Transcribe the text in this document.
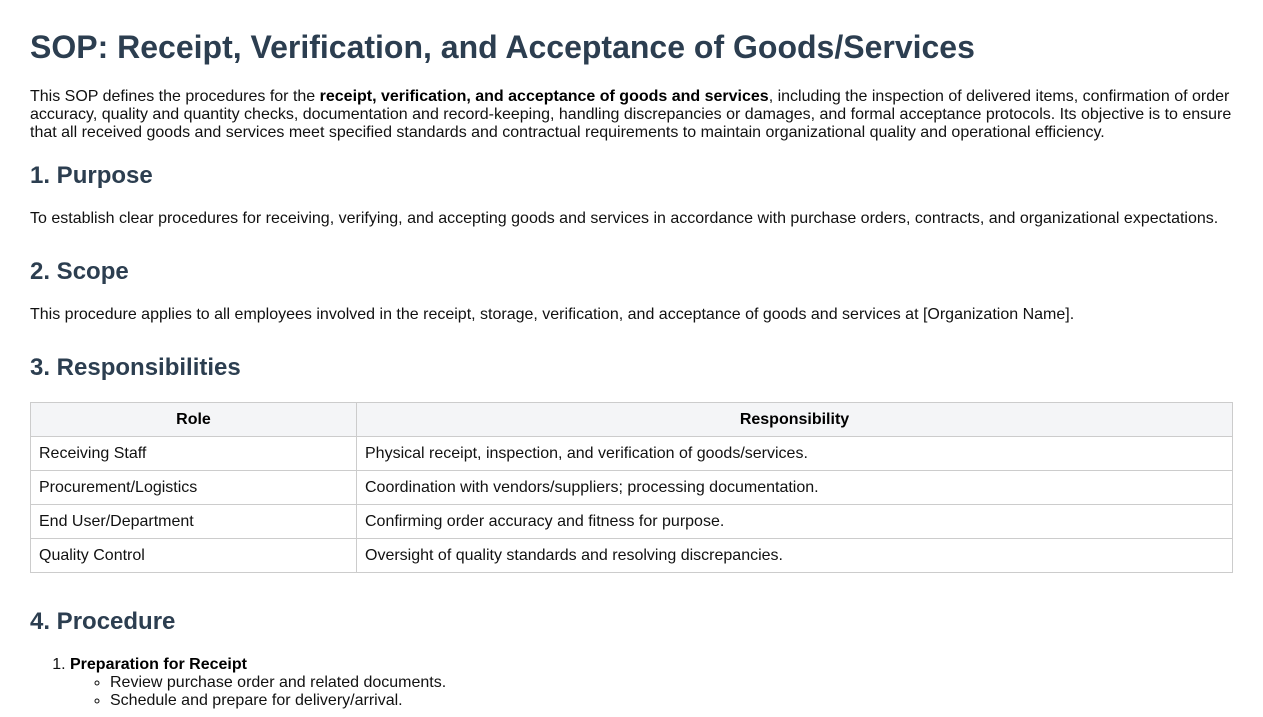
SOP: Receipt, Verification, and Acceptance of Goods/Services

This SOP defines the procedures for the receipt, verification, and acceptance of goods and services, including the inspection of delivered items, confirmation of order accuracy, quality and quantity checks, documentation and record-keeping, handling discrepancies or damages, and formal acceptance protocols. Its objective is to ensure that all received goods and services meet specified standards and contractual requirements to maintain organizational quality and operational efficiency.

1. Purpose

To establish clear procedures for receiving, verifying, and accepting goods and services in accordance with purchase orders, contracts, and organizational expectations.

2. Scope

This procedure applies to all employees involved in the receipt, storage, verification, and acceptance of goods and services at [Organization Name].

3. Responsibilities
Role	Responsibility
Receiving Staff	Physical receipt, inspection, and verification of goods/services.
Procurement/Logistics	Coordination with vendors/suppliers; processing documentation.
End User/Department	Confirming order accuracy and fitness for purpose.
Quality Control	Oversight of quality standards and resolving discrepancies.
4. Procedure
1. Preparation for Receipt
◦ Review purchase order and related documents.
◦ Schedule and prepare for delivery/arrival.
